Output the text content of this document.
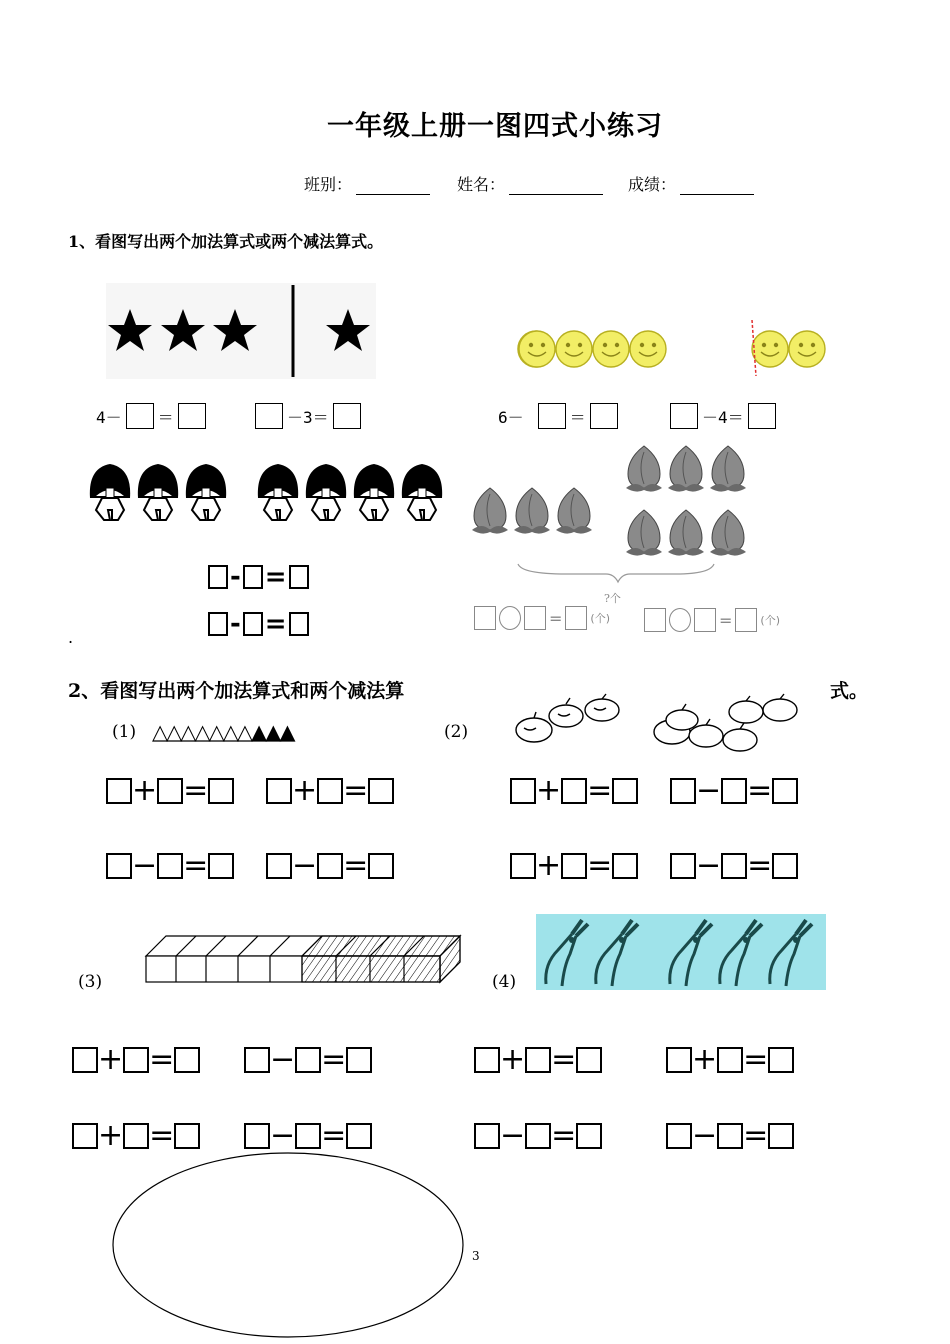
一年级上册一图四式小练习
班别：	姓名：	成绩：
1、看图写出两个加法算式或两个减法算式。
4－ ＝	－3＝	6－	＝	－4＝
- =
- =
?个
=	(个)	=	(个)
.
2、看图写出两个加法算式和两个减法算	式。
(1) △△△△△△△▲▲▲	(2)
+ =	+ =	+ =	− =
− =	− =	+ =	− =
(3)	(4)
+ =	− =	+ =	+ =
+ =	− =	− =	− =
3
